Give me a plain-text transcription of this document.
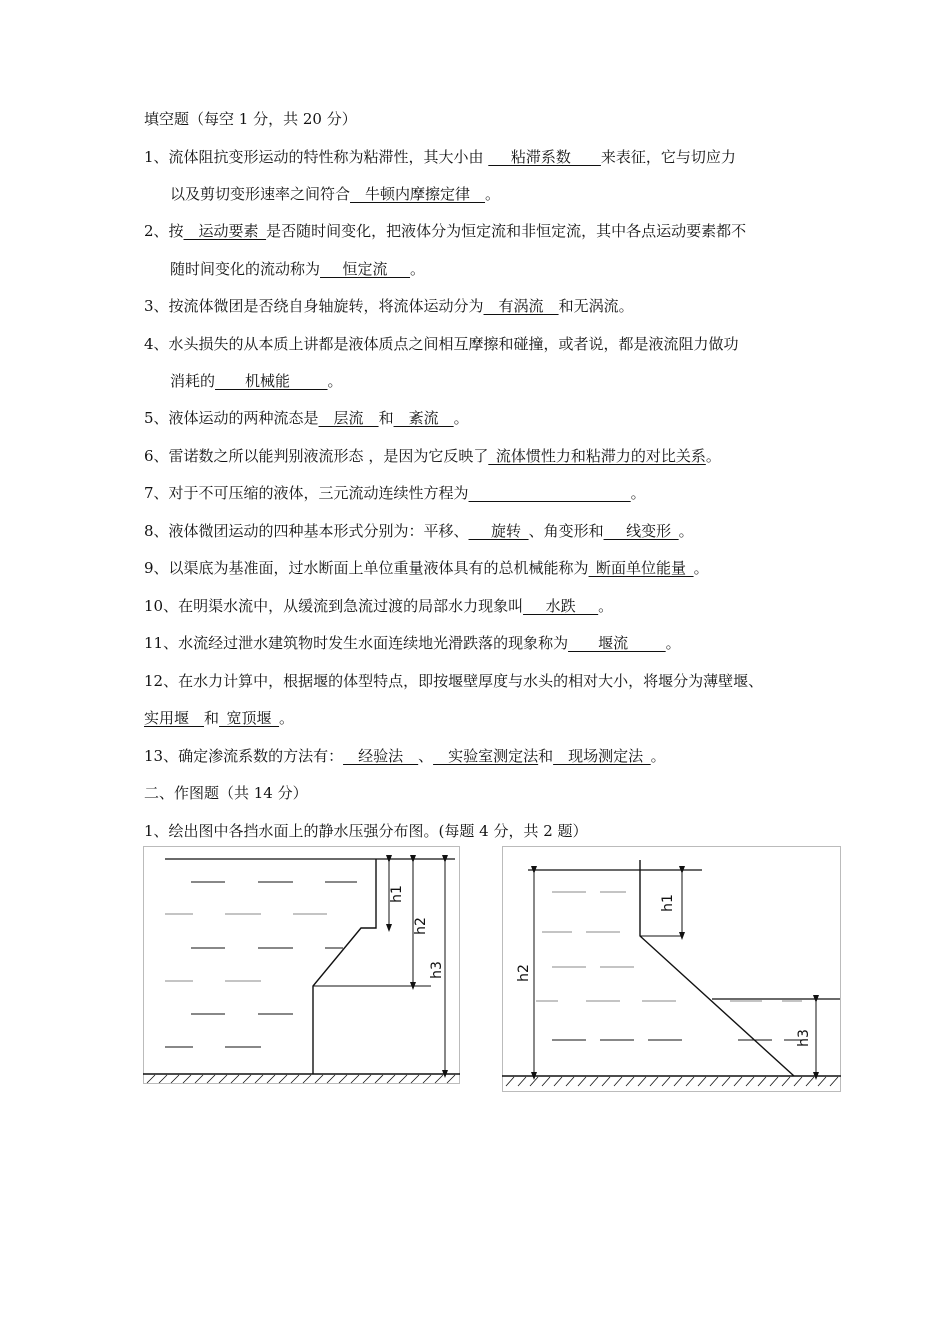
填空题（每空 1 分，共 20 分）
1、流体阻抗变形运动的特性称为粘滞性，其大小由 ___粘滞系数____来表征，它与切应力
以及剪切变形速率之间符合__牛顿内摩擦定律__。
2、按__运动要素_是否随时间变化，把液体分为恒定流和非恒定流，其中各点运动要素都不
随时间变化的流动称为___恒定流___。
3、按流体微团是否绕自身轴旋转，将流体运动分为__有涡流__和无涡流。
4、水头损失的从本质上讲都是液体质点之间相互摩擦和碰撞，或者说，都是液流阻力做功
消耗的____机械能_____。
5、液体运动的两种流态是__层流__和__紊流__。
6、雷诺数之所以能判别液流形态 ，是因为它反映了_流体惯性力和粘滞力的对比关系。
7、对于不可压缩的液体，三元流动连续性方程为	。
8、液体微团运动的四种基本形式分别为：平移、___旋转_、角变形和___线变形_。
9、以渠底为基准面，过水断面上单位重量液体具有的总机械能称为_断面单位能量_。
10、在明渠水流中，从缓流到急流过渡的局部水力现象叫___水跌___。
11、水流经过泄水建筑物时发生水面连续地光滑跌落的现象称为____堰流_____。
12、在水力计算中，根据堰的体型特点，即按堰壁厚度与水头的相对大小，将堰分为薄壁堰、
实用堰__和_宽顶堰_。
13、确定渗流系数的方法有：__经验法__、__实验室测定法和__现场测定法_。
二、作图题（共 14 分）
1、绘出图中各挡水面上的静水压强分布图。(每题 4 分，共 2 题）
h1
h2
h3
h1
h2
h3
